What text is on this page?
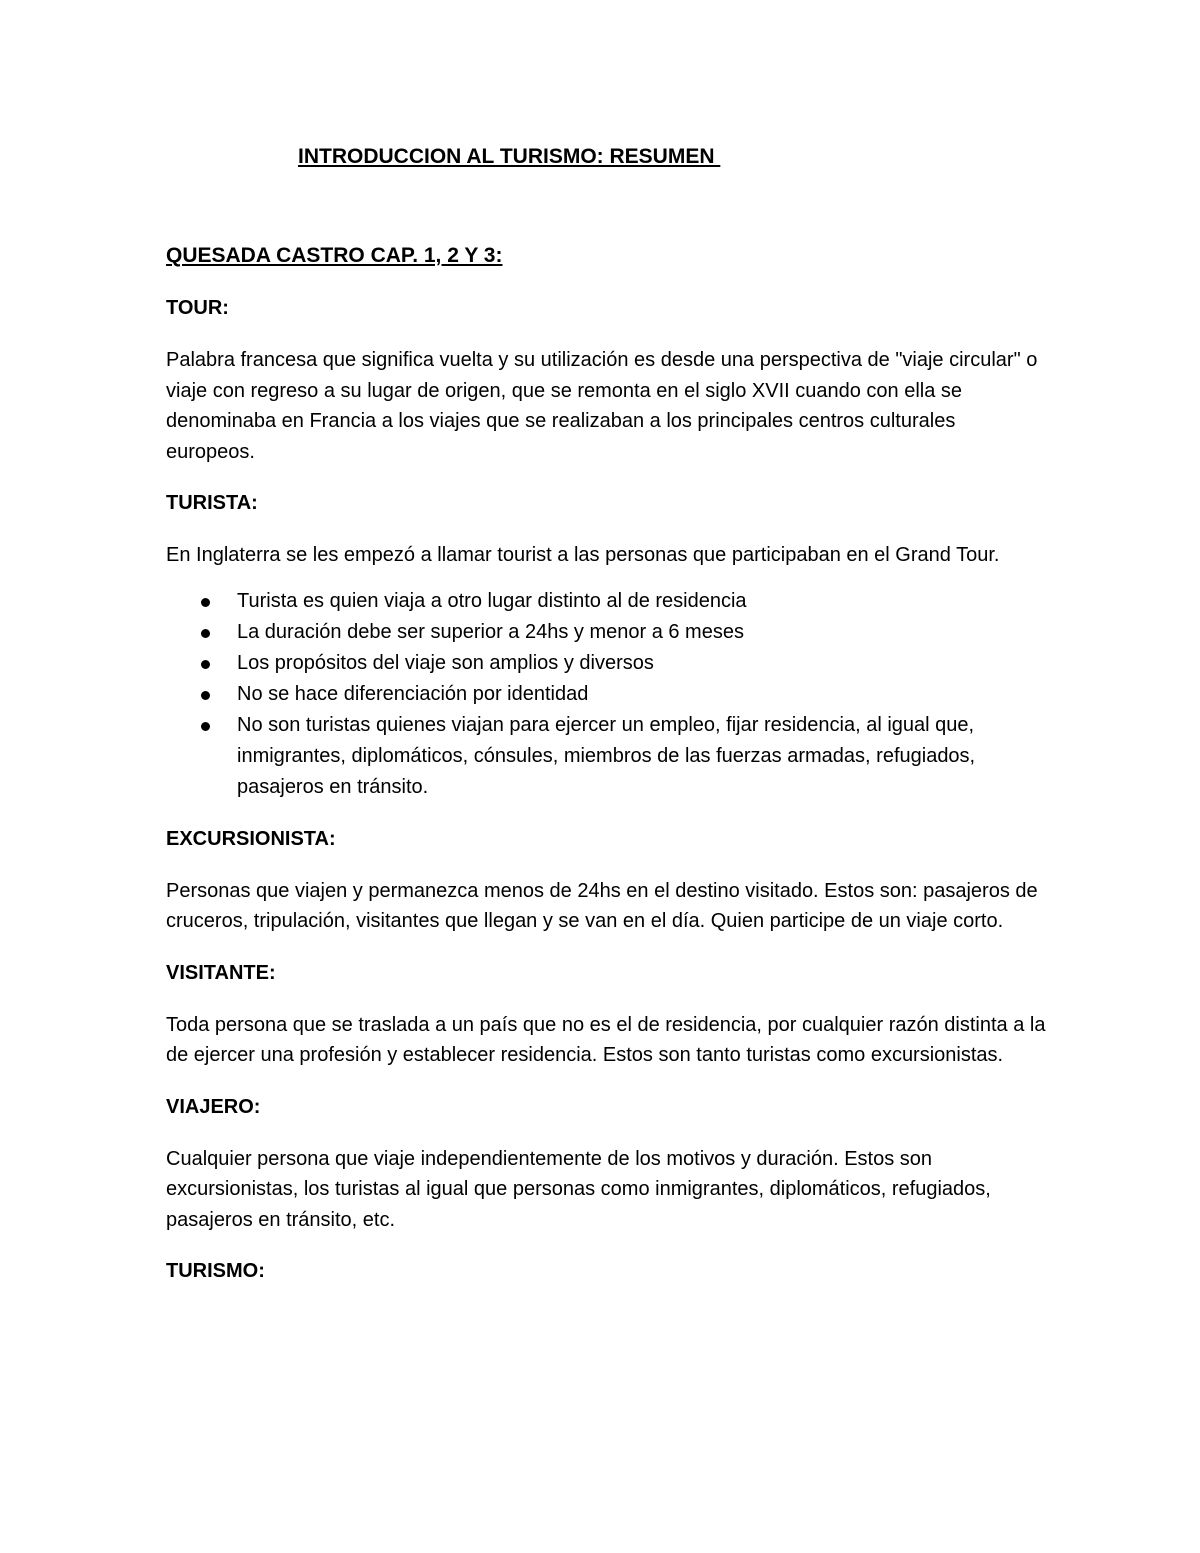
INTRODUCCION AL TURISMO: RESUMEN

QUESADA CASTRO CAP. 1, 2 Y 3:

TOUR:

Palabra francesa que significa vuelta y su utilización es desde una perspectiva de "viaje circular" o viaje con regreso a su lugar de origen, que se remonta en el siglo XVII cuando con ella se denominaba en Francia a los viajes que se realizaban a los principales centros culturales europeos.

TURISTA:

En Inglaterra se les empezó a llamar tourist a las personas que participaban en el Grand Tour.

Turista es quien viaja a otro lugar distinto al de residencia
La duración debe ser superior a 24hs y menor a 6 meses
Los propósitos del viaje son amplios y diversos
No se hace diferenciación por identidad
No son turistas quienes viajan para ejercer un empleo, fijar residencia, al igual que, inmigrantes, diplomáticos, cónsules, miembros de las fuerzas armadas, refugiados, pasajeros en tránsito.

EXCURSIONISTA:

Personas que viajen y permanezca menos de 24hs en el destino visitado. Estos son: pasajeros de cruceros, tripulación, visitantes que llegan y se van en el día. Quien participe de un viaje corto.

VISITANTE:

Toda persona que se traslada a un país que no es el de residencia, por cualquier razón distinta a la de ejercer una profesión y establecer residencia. Estos son tanto turistas como excursionistas.

VIAJERO:

Cualquier persona que viaje independientemente de los motivos y duración. Estos son excursionistas, los turistas al igual que personas como inmigrantes, diplomáticos, refugiados, pasajeros en tránsito, etc.

TURISMO:
